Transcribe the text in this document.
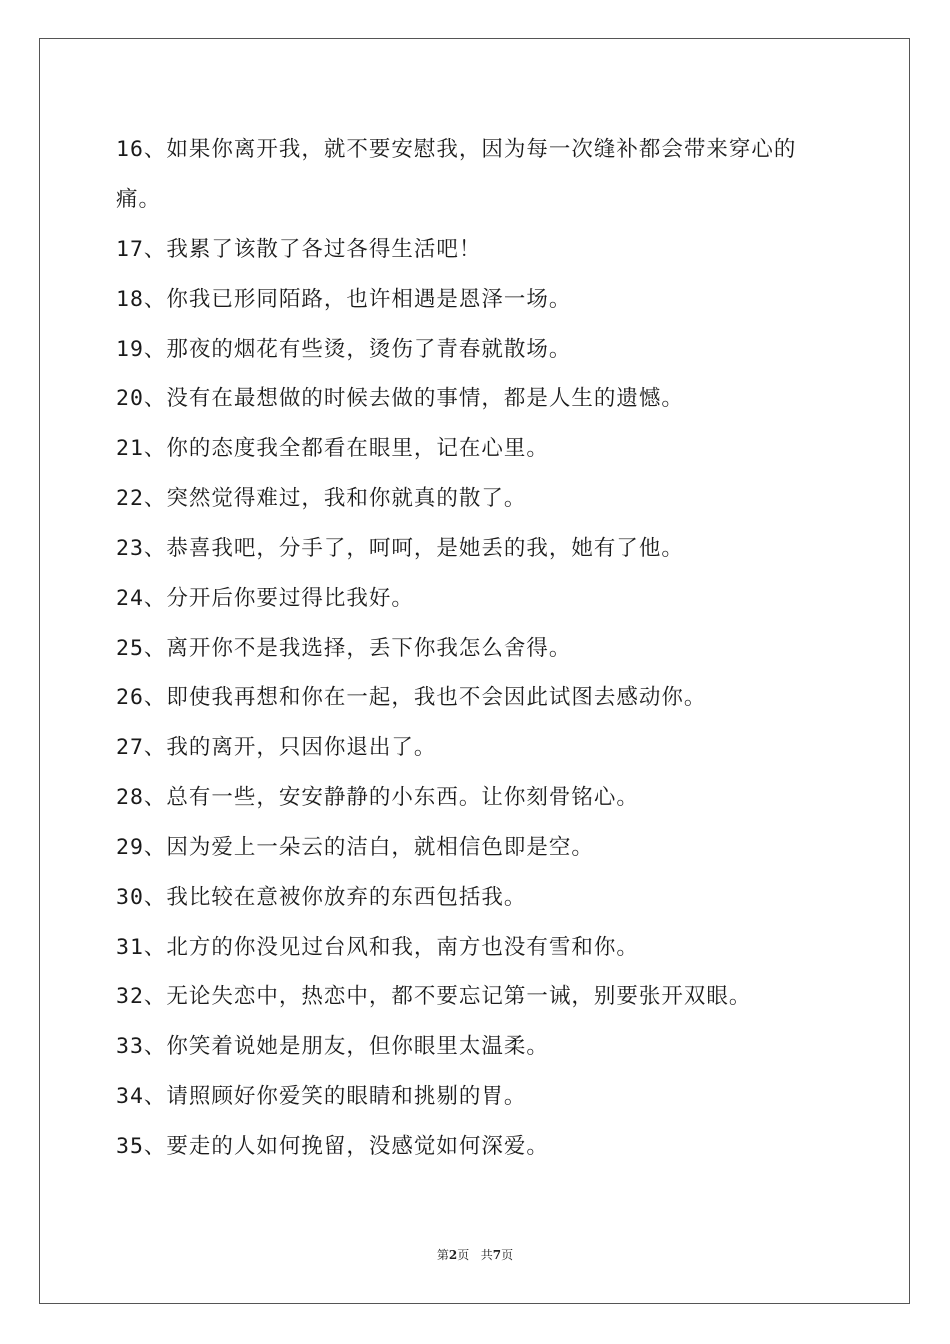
16、如果你离开我，就不要安慰我，因为每一次缝补都会带来穿心的
痛。
17、我累了该散了各过各得生活吧！
18、你我已形同陌路，也许相遇是恩泽一场。
19、那夜的烟花有些烫，烫伤了青春就散场。
20、没有在最想做的时候去做的事情，都是人生的遗憾。
21、你的态度我全都看在眼里，记在心里。
22、突然觉得难过，我和你就真的散了。
23、恭喜我吧，分手了，呵呵，是她丢的我，她有了他。
24、分开后你要过得比我好。
25、离开你不是我选择，丢下你我怎么舍得。
26、即使我再想和你在一起，我也不会因此试图去感动你。
27、我的离开，只因你退出了。
28、总有一些，安安静静的小东西。让你刻骨铭心。
29、因为爱上一朵云的洁白，就相信色即是空。
30、我比较在意被你放弃的东西包括我。
31、北方的你没见过台风和我，南方也没有雪和你。
32、无论失恋中，热恋中，都不要忘记第一诫，别要张开双眼。
33、你笑着说她是朋友，但你眼里太温柔。
34、请照顾好你爱笑的眼睛和挑剔的胃。
35、要走的人如何挽留，没感觉如何深爱。
第2页 共7页
